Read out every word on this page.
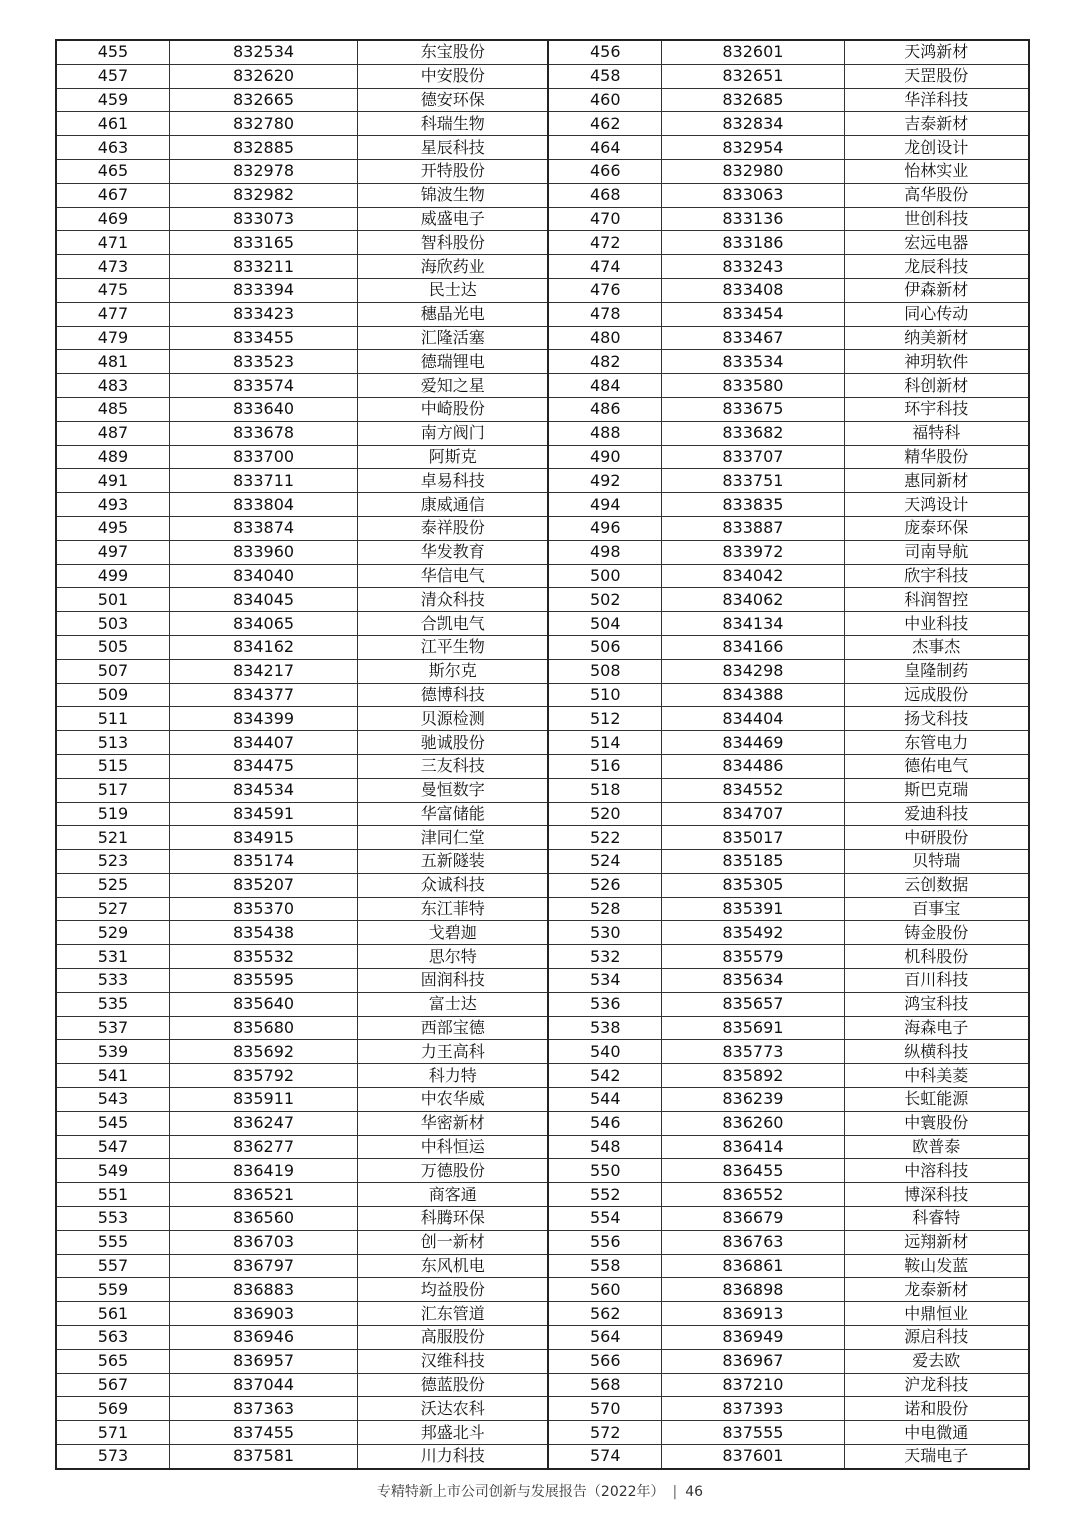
455	832534	东宝股份	456	832601	天鸿新材
457	832620	中安股份	458	832651	天罡股份
459	832665	德安环保	460	832685	华洋科技
461	832780	科瑞生物	462	832834	吉泰新材
463	832885	星辰科技	464	832954	龙创设计
465	832978	开特股份	466	832980	怡林实业
467	832982	锦波生物	468	833063	高华股份
469	833073	威盛电子	470	833136	世创科技
471	833165	智科股份	472	833186	宏远电器
473	833211	海欣药业	474	833243	龙辰科技
475	833394	民士达	476	833408	伊森新材
477	833423	穗晶光电	478	833454	同心传动
479	833455	汇隆活塞	480	833467	纳美新材
481	833523	德瑞锂电	482	833534	神玥软件
483	833574	爱知之星	484	833580	科创新材
485	833640	中崎股份	486	833675	环宇科技
487	833678	南方阀门	488	833682	福特科
489	833700	阿斯克	490	833707	精华股份
491	833711	卓易科技	492	833751	惠同新材
493	833804	康威通信	494	833835	天鸿设计
495	833874	泰祥股份	496	833887	庞泰环保
497	833960	华发教育	498	833972	司南导航
499	834040	华信电气	500	834042	欣宇科技
501	834045	清众科技	502	834062	科润智控
503	834065	合凯电气	504	834134	中业科技
505	834162	江平生物	506	834166	杰事杰
507	834217	斯尔克	508	834298	皇隆制药
509	834377	德博科技	510	834388	远成股份
511	834399	贝源检测	512	834404	扬戈科技
513	834407	驰诚股份	514	834469	东管电力
515	834475	三友科技	516	834486	德佑电气
517	834534	曼恒数字	518	834552	斯巴克瑞
519	834591	华富储能	520	834707	爱迪科技
521	834915	津同仁堂	522	835017	中研股份
523	835174	五新隧装	524	835185	贝特瑞
525	835207	众诚科技	526	835305	云创数据
527	835370	东江菲特	528	835391	百事宝
529	835438	戈碧迦	530	835492	铸金股份
531	835532	思尔特	532	835579	机科股份
533	835595	固润科技	534	835634	百川科技
535	835640	富士达	536	835657	鸿宝科技
537	835680	西部宝德	538	835691	海森电子
539	835692	力王高科	540	835773	纵横科技
541	835792	科力特	542	835892	中科美菱
543	835911	中农华威	544	836239	长虹能源
545	836247	华密新材	546	836260	中寰股份
547	836277	中科恒运	548	836414	欧普泰
549	836419	万德股份	550	836455	中溶科技
551	836521	商客通	552	836552	博深科技
553	836560	科腾环保	554	836679	科睿特
555	836703	创一新材	556	836763	远翔新材
557	836797	东风机电	558	836861	鞍山发蓝
559	836883	均益股份	560	836898	龙泰新材
561	836903	汇东管道	562	836913	中鼎恒业
563	836946	高服股份	564	836949	源启科技
565	836957	汉维科技	566	836967	爱去欧
567	837044	德蓝股份	568	837210	沪龙科技
569	837363	沃达农科	570	837393	诺和股份
571	837455	邦盛北斗	572	837555	中电微通
573	837581	川力科技	574	837601	天瑞电子
专精特新上市公司创新与发展报告（2022年） | 46
